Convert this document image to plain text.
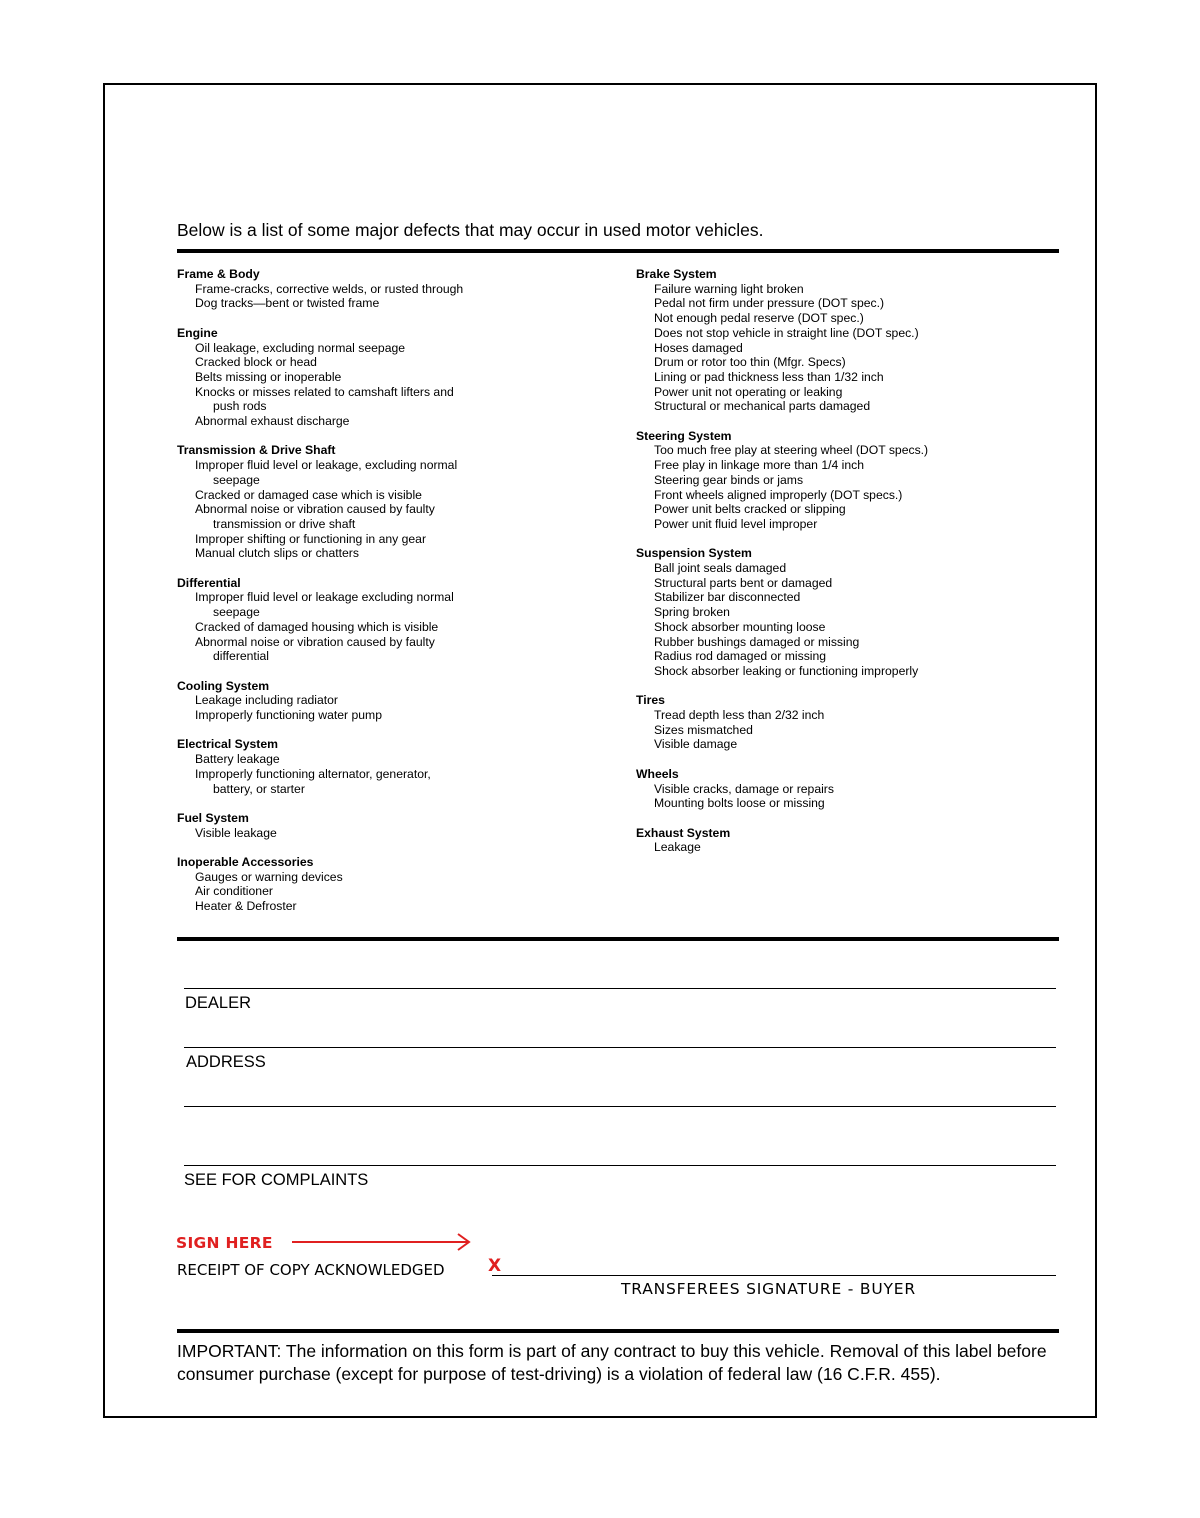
Below is a list of some major defects that may occur in used motor vehicles.
Frame & Body
Frame-cracks, corrective welds, or rusted through
Dog tracks—bent or twisted frame
Engine
Oil leakage, excluding normal seepage
Cracked block or head
Belts missing or inoperable
Knocks or misses related to camshaft lifters and
push rods
Abnormal exhaust discharge
Transmission & Drive Shaft
Improper fluid level or leakage, excluding normal
seepage
Cracked or damaged case which is visible
Abnormal noise or vibration caused by faulty
transmission or drive shaft
Improper shifting or functioning in any gear
Manual clutch slips or chatters
Differential
Improper fluid level or leakage excluding normal
seepage
Cracked of damaged housing which is visible
Abnormal noise or vibration caused by faulty
differential
Cooling System
Leakage including radiator
Improperly functioning water pump
Electrical System
Battery leakage
Improperly functioning alternator, generator,
battery, or starter
Fuel System
Visible leakage
Inoperable Accessories
Gauges or warning devices
Air conditioner
Heater & Defroster
Brake System
Failure warning light broken
Pedal not firm under pressure (DOT spec.)
Not enough pedal reserve (DOT spec.)
Does not stop vehicle in straight line (DOT spec.)
Hoses damaged
Drum or rotor too thin (Mfgr. Specs)
Lining or pad thickness less than 1/32 inch
Power unit not operating or leaking
Structural or mechanical parts damaged
Steering System
Too much free play at steering wheel (DOT specs.)
Free play in linkage more than 1/4 inch
Steering gear binds or jams
Front wheels aligned improperly (DOT specs.)
Power unit belts cracked or slipping
Power unit fluid level improper
Suspension System
Ball joint seals damaged
Structural parts bent or damaged
Stabilizer bar disconnected
Spring broken
Shock absorber mounting loose
Rubber bushings damaged or missing
Radius rod damaged or missing
Shock absorber leaking or functioning improperly
Tires
Tread depth less than 2/32 inch
Sizes mismatched
Visible damage
Wheels
Visible cracks, damage or repairs
Mounting bolts loose or missing
Exhaust System
Leakage
DEALER
ADDRESS
SEE FOR COMPLAINTS
SIGN HERE
RECEIPT OF COPY ACKNOWLEDGED	X
TRANSFEREES SIGNATURE - BUYER
IMPORTANT: The information on this form is part of any contract to buy this vehicle. Removal of this label before consumer purchase (except for purpose of test-driving) is a violation of federal law (16 C.F.R. 455).
